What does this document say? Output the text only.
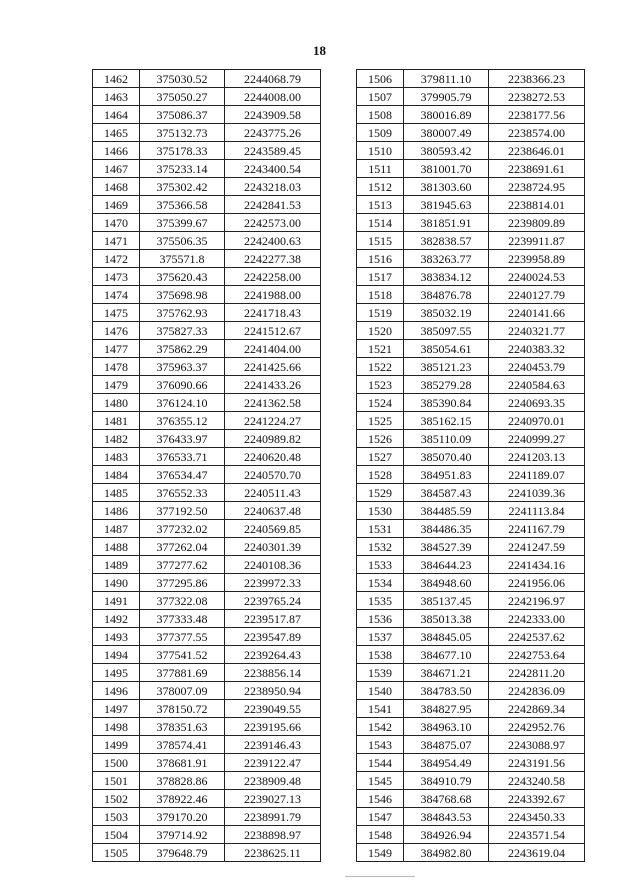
18
1462	375030.52	2244068.79
1463	375050.27	2244008.00
1464	375086.37	2243909.58
1465	375132.73	2243775.26
1466	375178.33	2243589.45
1467	375233.14	2243400.54
1468	375302.42	2243218.03
1469	375366.58	2242841.53
1470	375399.67	2242573.00
1471	375506.35	2242400.63
1472	375571.8	2242277.38
1473	375620.43	2242258.00
1474	375698.98	2241988.00
1475	375762.93	2241718.43
1476	375827.33	2241512.67
1477	375862.29	2241404.00
1478	375963.37	2241425.66
1479	376090.66	2241433.26
1480	376124.10	2241362.58
1481	376355.12	2241224.27
1482	376433.97	2240989.82
1483	376533.71	2240620.48
1484	376534.47	2240570.70
1485	376552.33	2240511.43
1486	377192.50	2240637.48
1487	377232.02	2240569.85
1488	377262.04	2240301.39
1489	377277.62	2240108.36
1490	377295.86	2239972.33
1491	377322.08	2239765.24
1492	377333.48	2239517.87
1493	377377.55	2239547.89
1494	377541.52	2239264.43
1495	377881.69	2238856.14
1496	378007.09	2238950.94
1497	378150.72	2239049.55
1498	378351.63	2239195.66
1499	378574.41	2239146.43
1500	378681.91	2239122.47
1501	378828.86	2238909.48
1502	378922.46	2239027.13
1503	379170.20	2238991.79
1504	379714.92	2238898.97
1505	379648.79	2238625.11
1506	379811.10	2238366.23
1507	379905.79	2238272.53
1508	380016.89	2238177.56
1509	380007.49	2238574.00
1510	380593.42	2238646.01
1511	381001.70	2238691.61
1512	381303.60	2238724.95
1513	381945.63	2238814.01
1514	381851.91	2239809.89
1515	382838.57	2239911.87
1516	383263.77	2239958.89
1517	383834.12	2240024.53
1518	384876.78	2240127.79
1519	385032.19	2240141.66
1520	385097.55	2240321.77
1521	385054.61	2240383.32
1522	385121.23	2240453.79
1523	385279.28	2240584.63
1524	385390.84	2240693.35
1525	385162.15	2240970.01
1526	385110.09	2240999.27
1527	385070.40	2241203.13
1528	384951.83	2241189.07
1529	384587.43	2241039.36
1530	384485.59	2241113.84
1531	384486.35	2241167.79
1532	384527.39	2241247.59
1533	384644.23	2241434.16
1534	384948.60	2241956.06
1535	385137.45	2242196.97
1536	385013.38	2242333.00
1537	384845.05	2242537.62
1538	384677.10	2242753.64
1539	384671.21	2242811.20
1540	384783.50	2242836.09
1541	384827.95	2242869.34
1542	384963.10	2242952.76
1543	384875.07	2243088.97
1544	384954.49	2243191.56
1545	384910.79	2243240.58
1546	384768.68	2243392.67
1547	384843.53	2243450.33
1548	384926.94	2243571.54
1549	384982.80	2243619.04
